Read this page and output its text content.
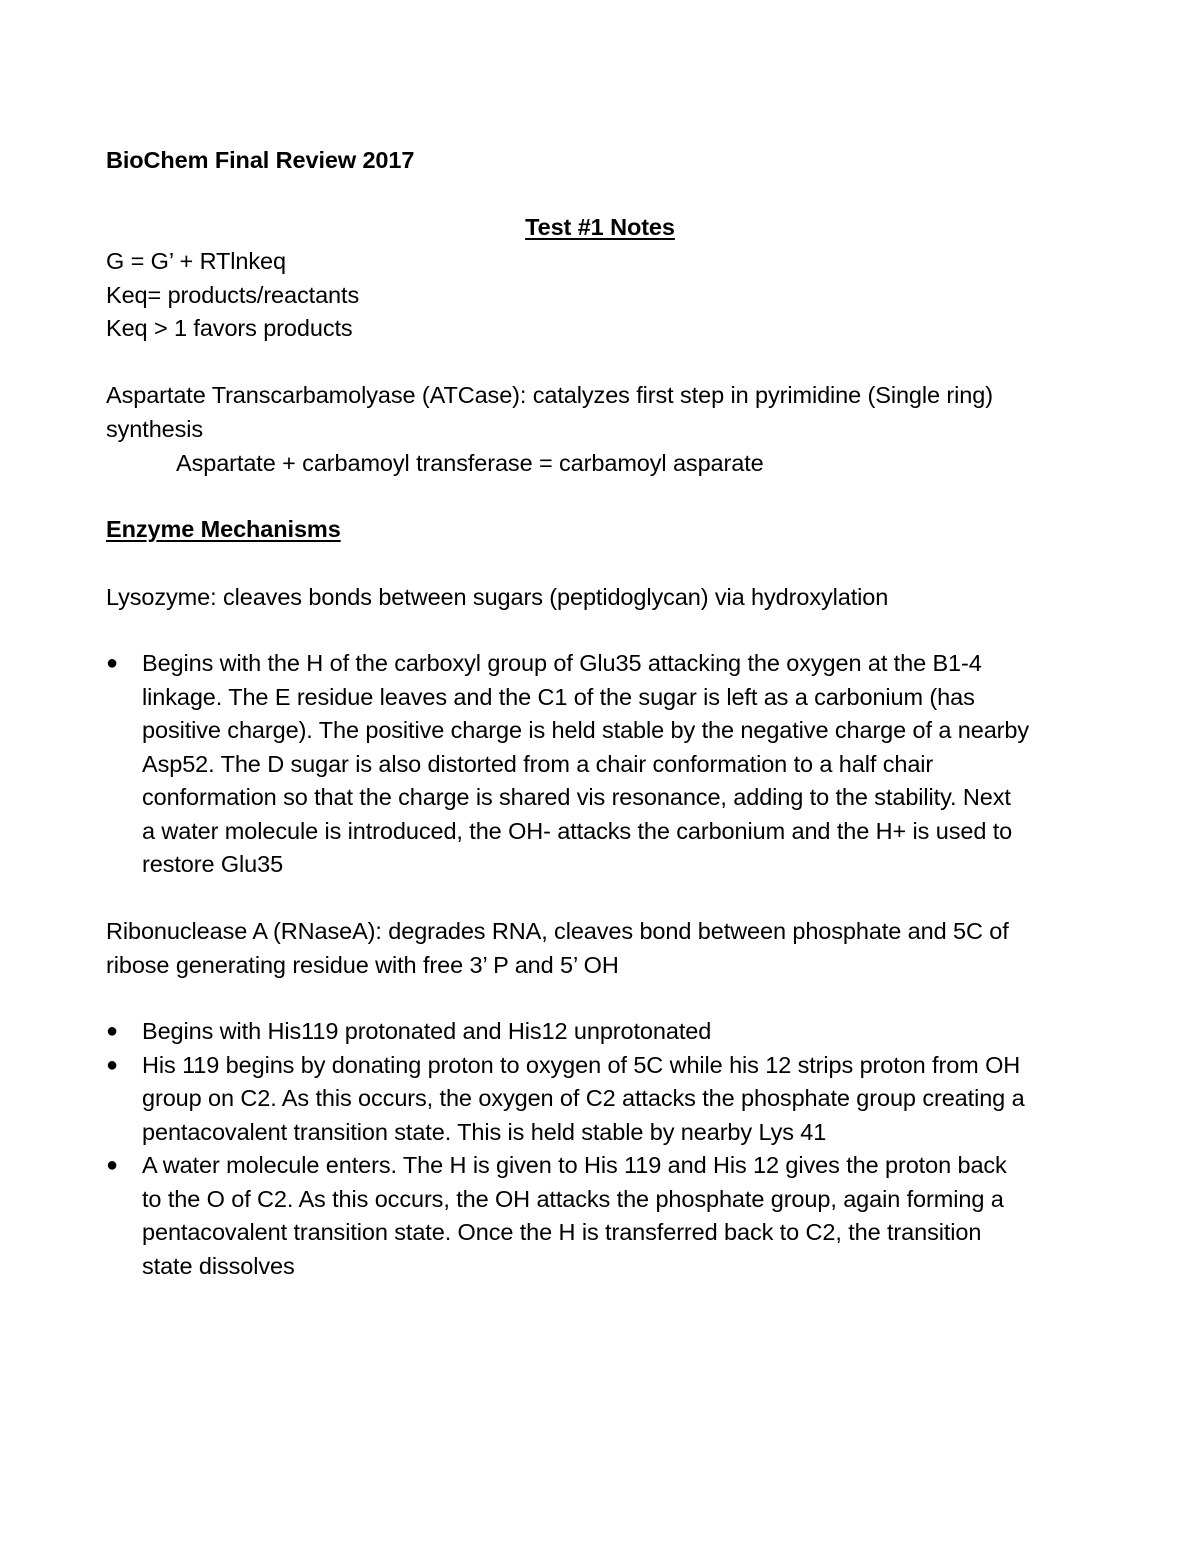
BioChem Final Review 2017
Test #1 Notes
G = G’ + RTlnkeq
Keq= products/reactants
Keq > 1 favors products
Aspartate Transcarbamolyase (ATCase): catalyzes first step in pyrimidine (Single ring)
synthesis
Aspartate + carbamoyl transferase = carbamoyl asparate
Enzyme Mechanisms
Lysozyme: cleaves bonds between sugars (peptidoglycan) via hydroxylation
●	Begins with the H of the carboxyl group of Glu35 attacking the oxygen at the B1-4
linkage. The E residue leaves and the C1 of the sugar is left as a carbonium (has
positive charge). The positive charge is held stable by the negative charge of a nearby
Asp52. The D sugar is also distorted from a chair conformation to a half chair
conformation so that the charge is shared vis resonance, adding to the stability. Next
a water molecule is introduced, the OH- attacks the carbonium and the H+ is used to
restore Glu35
Ribonuclease A (RNaseA): degrades RNA, cleaves bond between phosphate and 5C of
ribose generating residue with free 3’ P and 5’ OH
●	Begins with His119 protonated and His12 unprotonated
●	His 119 begins by donating proton to oxygen of 5C while his 12 strips proton from OH
group on C2. As this occurs, the oxygen of C2 attacks the phosphate group creating a
pentacovalent transition state. This is held stable by nearby Lys 41
●	A water molecule enters. The H is given to His 119 and His 12 gives the proton back
to the O of C2. As this occurs, the OH attacks the phosphate group, again forming a
pentacovalent transition state. Once the H is transferred back to C2, the transition
state dissolves
